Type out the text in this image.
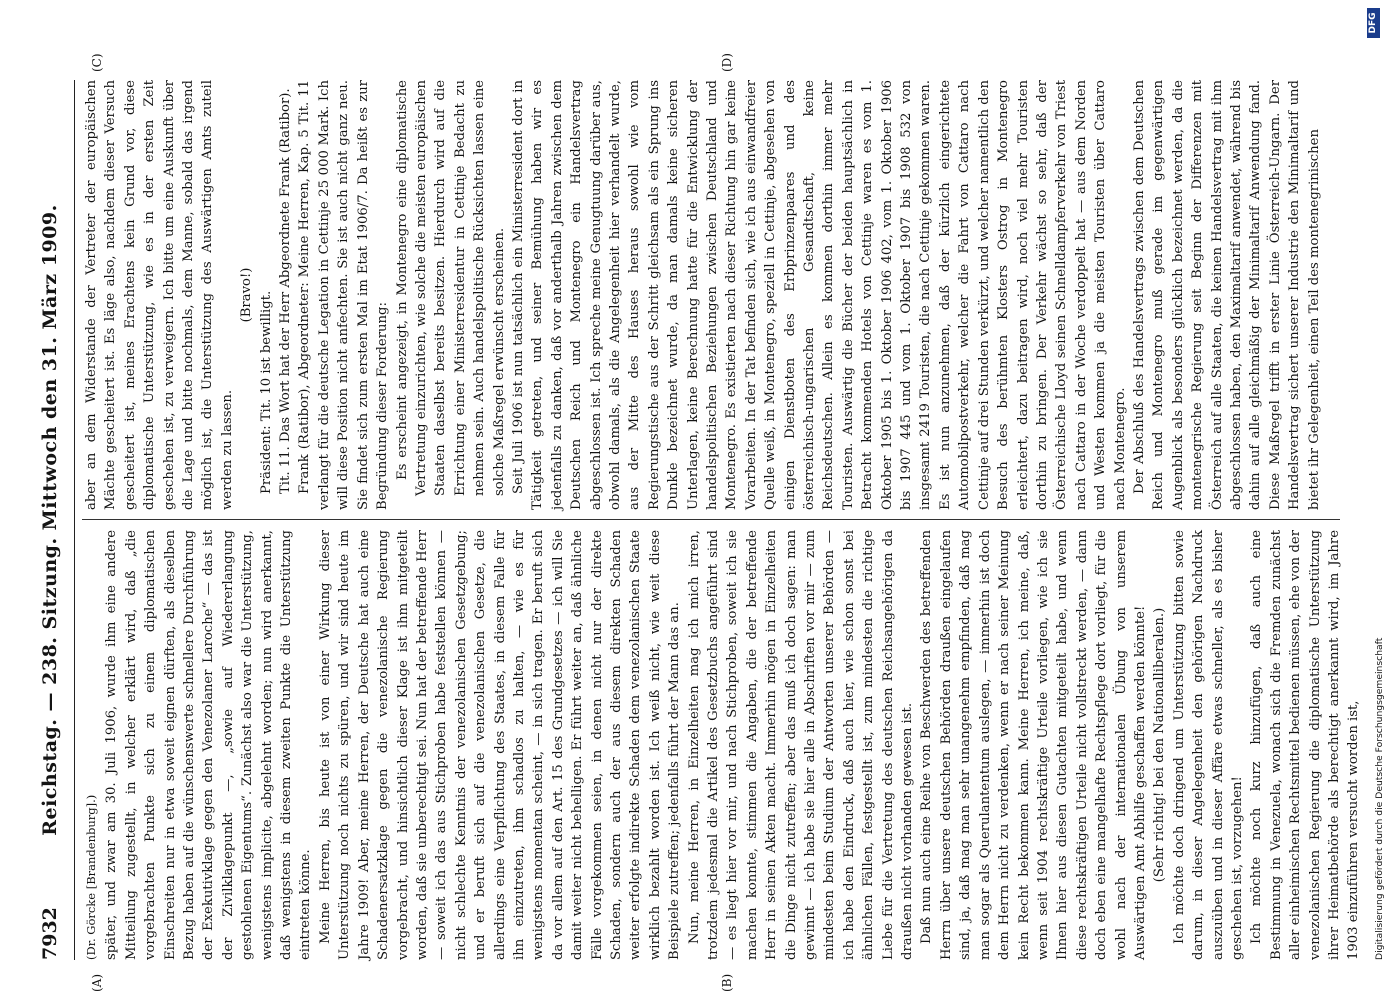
7932
Reichstag. — 238. Sitzung. Mittwoch den 31. März 1909.
(Dr. Görcke [Brandenburg].) später, und zwar am 30. Juli 1906, wurde ihm eine andere Mitteilung zugestellt, in welcher erklärt wird, daß „die vorgebrachten Punkte sich zu einem diplomatischen Einschreiten nur in etwa soweit eignen dürften, als dieselben Bezug haben auf die wünschenswerte schnellere Durchführung der Exekutivklage gegen den Venezolaner Laroche“ — das ist der Zivilklagepunkt —, „sowie auf Wiedererlangung gestohlenen Eigentums“. Zunächst also war die Unterstützung, wenigstens implicite, abgelehnt worden; nun wird anerkannt, daß wenigstens in diesem zweiten Punkte die Unterstützung eintreten könne. Meine Herren, bis heute ist von einer Wirkung dieser Unterstützung noch nichts zu spüren, und wir sind heute im Jahre 1909! Aber, meine Herren, der Deutsche hat auch eine Schadenersatzklage gegen die venezolanische Regierung vorgebracht, und hinsichtlich dieser Klage ist ihm mitgeteilt worden, daß sie unberechtigt sei. Nun hat der betreffende Herr — soweit ich das aus Stichproben habe feststellen können — nicht schlechte Kenntnis der venezolanischen Gesetzgebung; und er beruft sich auf die venezolanischen Gesetze, die allerdings eine Verpflichtung des Staates, in diesem Falle für ihn einzutreten, ihm schadlos zu halten, — wie es für wenigstens momentan scheint, — in sich tragen. Er beruft sich da vor allem auf den Art. 15 des Grundgesetzes — ich will Sie damit weiter nicht behelligen. Er führt weiter an, daß ähnliche Fälle vorgekommen seien, in denen nicht nur der direkte Schaden, sondern auch der aus diesem direkten Schaden weiter erfolgte indirekte Schaden dem venezolanischen Staate wirklich bezahlt worden ist. Ich weiß nicht, wie weit diese Beispiele zutreffen; jedenfalls führt der Mann das an. Nun, meine Herren, in Einzelheiten mag ich mich irren, trotzdem jedesmal die Artikel des Gesetzbuchs angeführt sind — es liegt hier vor mir, und nach Stichproben, soweit ich sie machen konnte, stimmen die Angaben, die der betreffende Herr in seinen Akten macht. Immerhin mögen in Einzelheiten die Dinge nicht zutreffen; aber das muß ich doch sagen: man gewinnt — ich habe sie hier alle in Abschriften vor mir — zum mindesten beim Studium der Antworten unserer Behörden — ich habe den Eindruck, daß auch hier, wie schon sonst bei ähnlichen Fällen, festgestellt ist, zum mindesten die richtige Liebe für die Vertretung des deutschen Reichsangehörigen da draußen nicht vorhanden gewesen ist. Daß nun auch eine Reihe von Beschwerden des betreffenden Herrn über unsere deutschen Behörden draußen eingelaufen sind, ja, daß mag man sehr unangenehm empfinden, daß mag man sogar als Querulantentum auslegen, — immerhin ist doch dem Herrn nicht zu verdenken, wenn er nach seiner Meinung kein Recht bekommen kann. Meine Herren, ich meine, daß, wenn seit 1904 rechtskräftige Urteile vorliegen, wie ich sie Ihnen hier aus diesen Gutachten mitgeteilt habe, und wenn diese rechtskräftigen Urteile nicht vollstreckt werden, — dann doch eben eine mangelhafte Rechtspflege dort vorliegt, für die wohl nach der internationalen Übung von unserem Auswärtigen Amt Abhilfe geschaffen werden könnte! (Sehr richtig! bei den Nationalliberalen.) Ich möchte doch dringend um Unterstützung bitten sowie darum, in dieser Angelegenheit den gehörigen Nachdruck auszuüben und in dieser Affäre etwas schneller, als es bisher geschehen ist, vorzugehen! Ich möchte noch kurz hinzufügen, daß auch eine Bestimmung in Venezuela, wonach sich die Fremden zunächst aller einheimischen Rechtsmittel bedienen müssen, ehe von der venezolanischen Regierung die diplomatische Unterstützung ihrer Heimatbehörde als berechtigt anerkannt wird, im Jahre 1903 einzuführen versucht worden ist,

aber an dem Widerstande der Vertreter der europäischen Mächte gescheitert ist. Es läge also, nachdem dieser Versuch gescheitert ist, meines Erachtens kein Grund vor, diese diplomatische Unterstützung, wie es in der ersten Zeit geschehen ist, zu verweigern. Ich bitte um eine Auskunft über die Lage und bitte nochmals, dem Manne, sobald das irgend möglich ist, die Unterstützung des Auswärtigen Amts zuteil werden zu lassen.

(Bravo!) Präsident: Tit. 10 ist bewilligt. Tit. 11. Das Wort hat der Herr Abgeordnete Frank (Ratibor). Frank (Ratibor), Abgeordneter: Meine Herren, Kap. 5 Tit. 11 verlangt für die deutsche Legation in Cettinje 25 000 Mark. Ich will diese Position nicht anfechten. Sie ist auch nicht ganz neu. Sie findet sich zum ersten Mal im Etat 1906/7. Da heißt es zur Begründung dieser Forderung: Es erscheint angezeigt, in Montenegro eine diplomatische Vertretung einzurichten, wie solche die meisten europäischen Staaten daselbst bereits besitzen. Hierdurch wird auf die Errichtung einer Ministerresidentur in Cettinje Bedacht zu nehmen sein. Auch handelspolitische Rücksichten lassen eine solche Maßregel erwünscht erscheinen. Seit Juli 1906 ist nun tatsächlich ein Ministerresident dort in Tätigkeit getreten, und seiner Bemühung haben wir es jedenfalls zu danken, daß vor anderthalb Jahren zwischen dem Deutschen Reich und Montenegro ein Handelsvertrag abgeschlossen ist. Ich spreche meine Genugtuung darüber aus, obwohl damals, als die Angelegenheit hier verhandelt wurde, aus der Mitte des Hauses heraus sowohl wie vom Regierungstische aus der Schritt gleichsam als ein Sprung ins Dunkle bezeichnet wurde, da man damals keine sicheren Unterlagen, keine Berechnung hatte für die Entwicklung der handelspolitischen Beziehungen zwischen Deutschland und Montenegro. Es existierten nach dieser Richtung hin gar keine Vorarbeiten. In der Tat befinden sich, wie ich aus einwandfreier Quelle weiß, in Montenegro, speziell in Cettinje, abgesehen von einigen Dienstboten des Erbprinzenpaares und des österreichisch-ungarischen Gesandtschaft, keine Reichsdeutschen. Allein es kommen dorthin immer mehr Touristen. Auswärtig die Bücher der beiden hauptsächlich in Betracht kommenden Hotels von Cettinje waren es vom 1. Oktober 1905 bis 1. Oktober 1906 402, vom 1. Oktober 1906 bis 1907 445 und vom 1. Oktober 1907 bis 1908 532 von insgesamt 2419 Touristen, die nach Cettinje gekommen waren. Es ist nun anzunehmen, daß der kürzlich eingerichtete Automobilpostverkehr, welcher die Fahrt von Cattaro nach Cettinje auf drei Stunden verkürzt, und welcher namentlich den Besuch des berühmten Klosters Ostrog in Montenegro erleichtert, dazu beitragen wird, noch viel mehr Touristen dorthin zu bringen. Der Verkehr wächst so sehr, daß der Österreichische Lloyd seinen Schnelldampferverkehr von Triest nach Cattaro in der Woche verdoppelt hat — aus dem Norden und Westen kommen ja die meisten Touristen über Cattaro nach Montenegro. Der Abschluß des Handelsvertrags zwischen dem Deutschen Reich und Montenegro muß gerade im gegenwärtigen Augenblick als besonders glücklich bezeichnet werden, da die montenegrische Regierung seit Beginn der Differenzen mit Österreich auf alle Staaten, die keinen Handelsvertrag mit ihm abgeschlossen haben, den Maximaltarif anwendet, während bis dahin auf alle gleichmäßig der Minimaltarif Anwendung fand. Diese Maßregel trifft in erster Linie Österreich-Ungarn. Der Handelsvertrag sichert unserer Industrie den Minimaltarif und bietet ihr Gelegenheit, einen Teil des montenegrinischen

(A)	(B)
(C)	(D)
DFG
Digitalisierung gefördert durch die Deutsche Forschungsgemeinschaft
